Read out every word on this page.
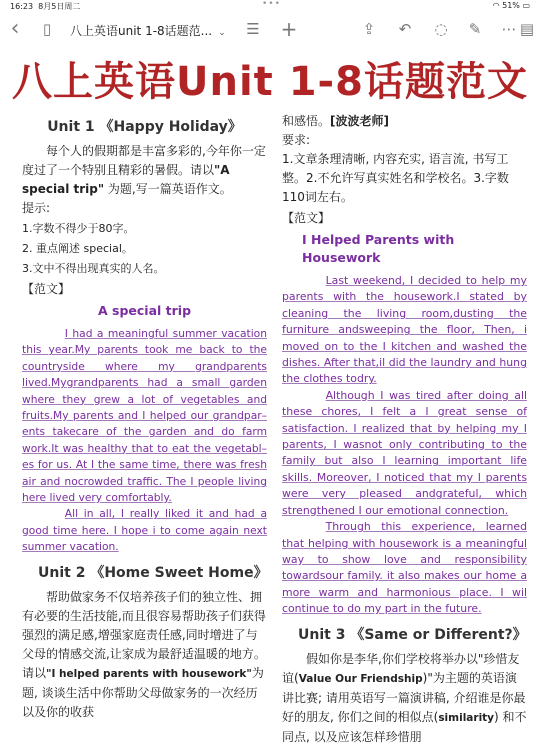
16:23 8月5日周二	•••	◠ 51% ▭
‹	▯	八上英语unit 1-8话题范... ⌄ ☰ +	⇪ ↶ ◌ ✎ ⋯ ▤
八上英语Unit 1-8话题范文
Unit 1 《Happy Holiday》

每个人的假期都是丰富多彩的,今年你一定度过了一个特别且精彩的暑假。请以"A special trip" 为题,写一篇英语作文。

提示:

1.字数不得少于80字。

2. 重点阐述 special。

3.文中不得出现真实的人名。

【范文】

A special trip

I had a meaningful summer vacation this year.My parents took me back to the countryside where my grandparents lived.Mygrandparents had a small garden where they grew a lot of vegetables and fruits.My parents and I helped our grandpar–ents takecare of the garden and do farm work.It was healthy that to eat the vegetabl–es for us. At I the same time, there was fresh air and nocrowded traffic. The I people living here lived very comfortably.

All in all, I really liked it and had a good time here. I hope i to come again next summer vacation.

Unit 2 《Home Sweet Home》

帮助做家务不仅培养孩子们的独立性、拥有必要的生活技能,而且很容易帮助孩子们获得强烈的满足感,增强家庭责任感,同时增进了与父母的情感交流,让家成为最舒适温暖的地方。请以"I helped parents with housework"为题, 谈谈生活中你帮助父母做家务的一次经历以及你的收获

和感悟。[波波老师]

要求:

1.文章条理清晰, 内容充实, 语言流, 书写工整。2.不允许写真实姓名和学校名。3.字数110词左右。

【范文】

I Helped Parents with Housework

Last weekend, I decided to help my parents with the housework.I stated by cleaning the living room,dusting the furniture andsweeping the floor, Then, i moved on to the I kitchen and washed the dishes. After that,il did the laundry and hung the clothes todry.

Although I was tired after doing all these chores, I felt a I great sense of satisfaction. I realized that by helping my I parents, I wasnot only contributing to the family but also I learning important life skills. Moreover, I noticed that my I parents were very pleased andgrateful, which strengthened I our emotional connection.

Through this experience, learned that helping with housework is a meaningful way to show love and responsibility towardsour family. it also makes our home a more warm and harmonious place. I wil continue to do my part in the future.

Unit 3 《Same or Different?》

假如你是李华,你们学校将举办以"珍惜友谊(Value Our Friendship)"为主题的英语演讲比赛; 请用英语写一篇演讲稿, 介绍谁是你最好的朋友, 你们之间的相似点(similarity) 和不同点, 以及应该怎样珍惜朋
